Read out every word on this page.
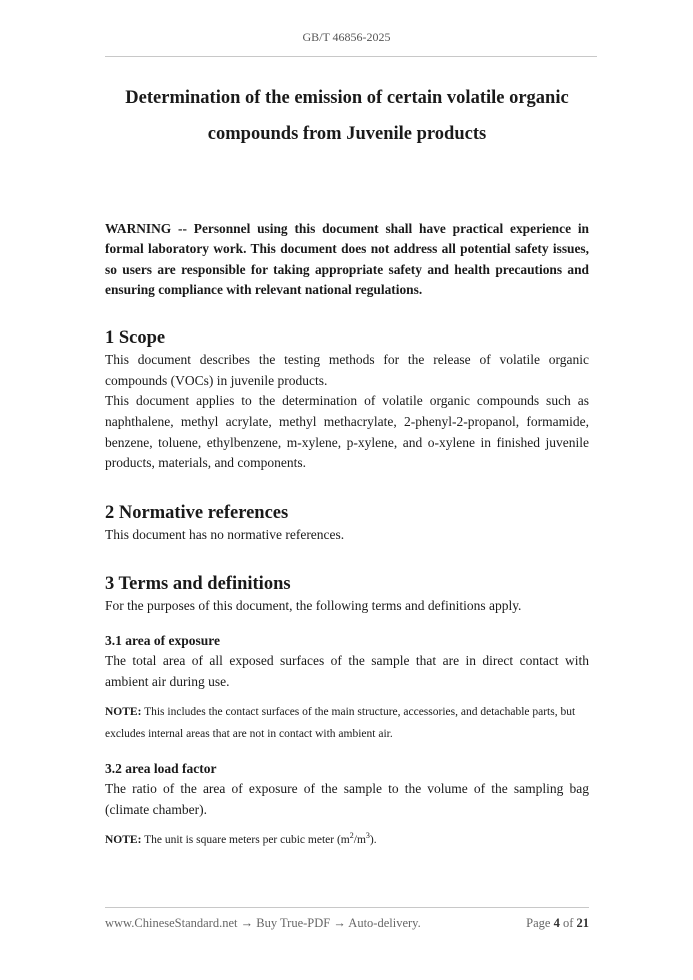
GB/T 46856-2025
Determination of the emission of certain volatile organic
compounds from Juvenile products

WARNING -- Personnel using this document shall have practical experience in formal laboratory work. This document does not address all potential safety issues, so users are responsible for taking appropriate safety and health precautions and ensuring compliance with relevant national regulations.

1 Scope

This document describes the testing methods for the release of volatile organic compounds (VOCs) in juvenile products.

This document applies to the determination of volatile organic compounds such as naphthalene, methyl acrylate, methyl methacrylate, 2-phenyl-2-propanol, formamide, benzene, toluene, ethylbenzene, m-xylene, p-xylene, and o-xylene in finished juvenile products, materials, and components.

2 Normative references

This document has no normative references.

3 Terms and definitions

For the purposes of this document, the following terms and definitions apply.

3.1 area of exposure

The total area of all exposed surfaces of the sample that are in direct contact with ambient air during use.

NOTE: This includes the contact surfaces of the main structure, accessories, and detachable parts, but excludes internal areas that are not in contact with ambient air.

3.2 area load factor

The ratio of the area of exposure of the sample to the volume of the sampling bag (climate chamber).

NOTE: The unit is square meters per cubic meter $(m^2/m^3)$.

www.ChineseStandard.net → Buy True-PDF → Auto-delivery.	Page 4 of 21
